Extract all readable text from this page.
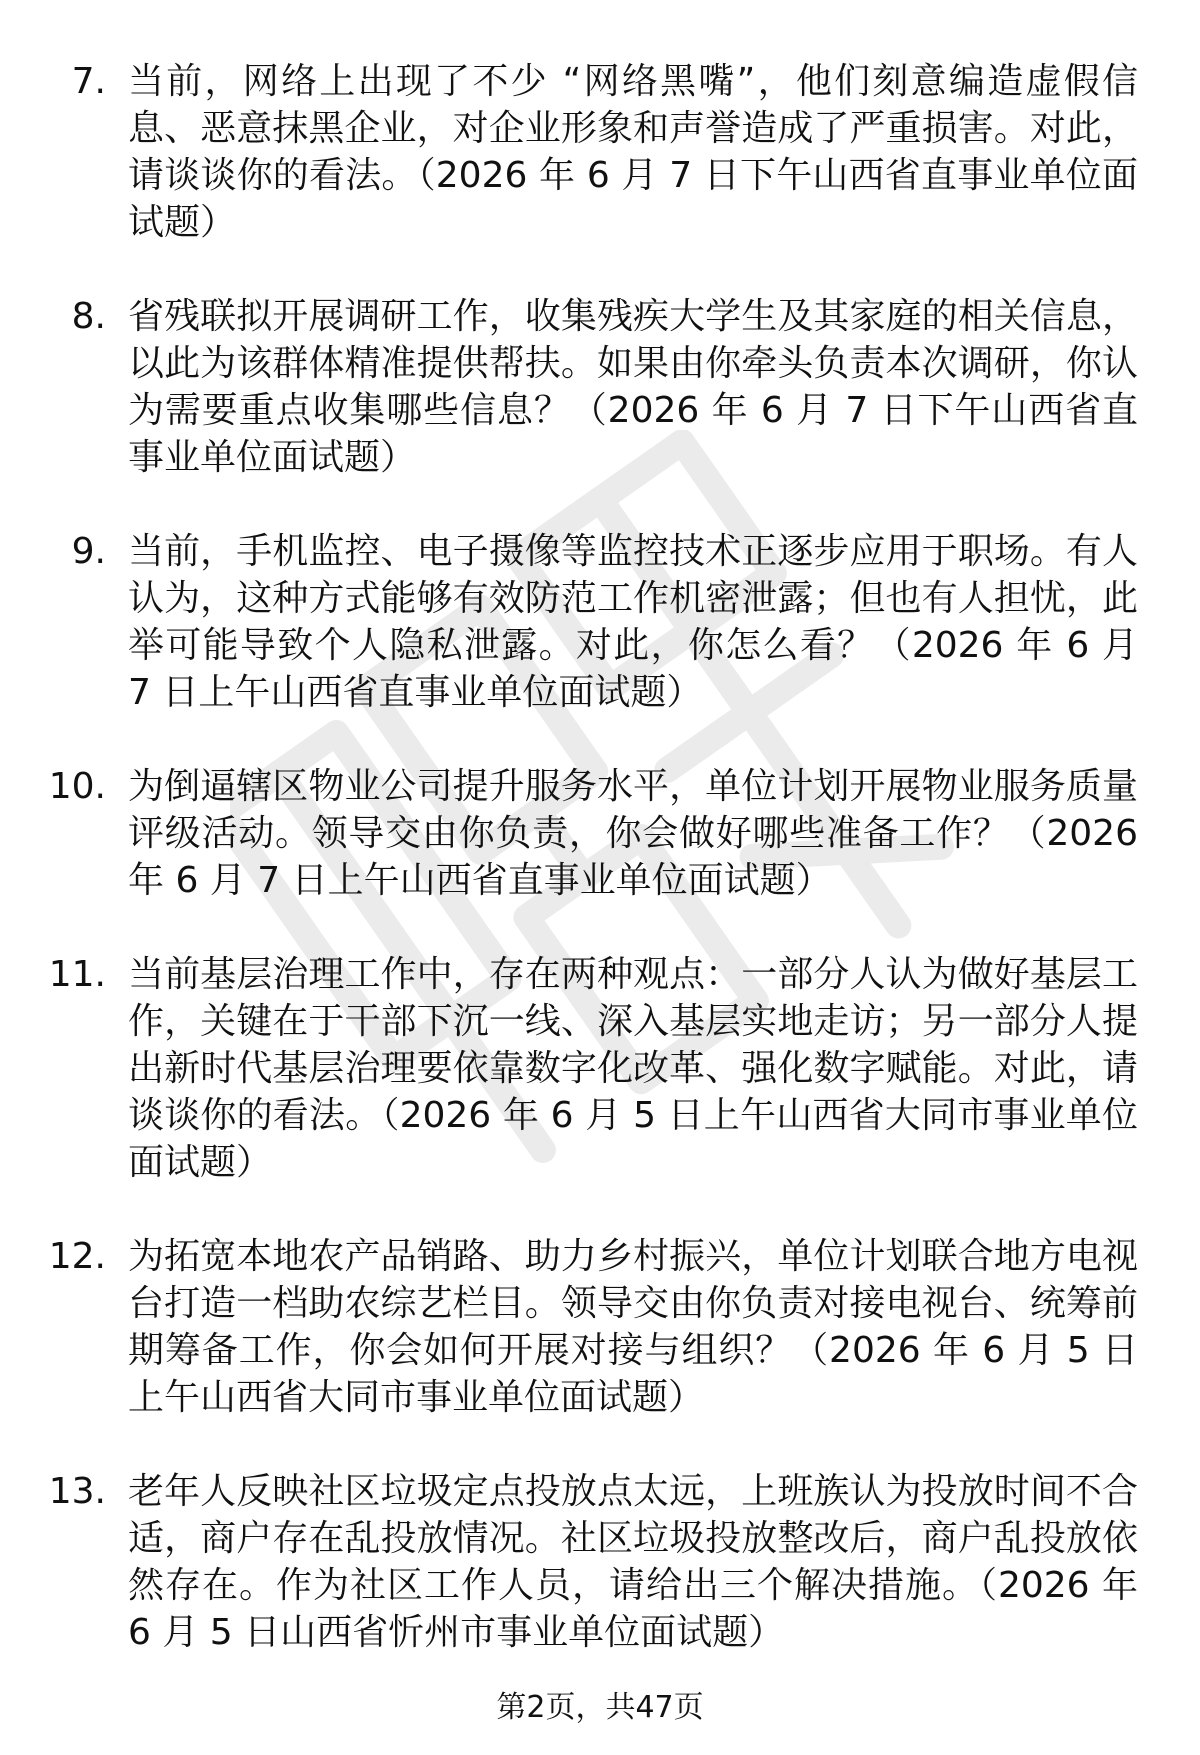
7. 当前，网络上出现了不少 “网络黑嘴”，他们刻意编造虚假信息、恶意抹黑企业，对企业形象和声誉造成了严重损害。对此，请谈谈你的看法。（2026 年 6 月 7 日下午山西省直事业单位面试题）
8. 省残联拟开展调研工作，收集残疾大学生及其家庭的相关信息，以此为该群体精准提供帮扶。如果由你牵头负责本次调研，你认为需要重点收集哪些信息？（2026 年 6 月 7 日下午山西省直事业单位面试题）
9. 当前，手机监控、电子摄像等监控技术正逐步应用于职场。有人认为，这种方式能够有效防范工作机密泄露；但也有人担忧，此举可能导致个人隐私泄露。对此，你怎么看？（2026 年 6 月 7 日上午山西省直事业单位面试题）
10. 为倒逼辖区物业公司提升服务水平，单位计划开展物业服务质量评级活动。领导交由你负责，你会做好哪些准备工作？（2026 年 6 月 7 日上午山西省直事业单位面试题）
11. 当前基层治理工作中，存在两种观点：一部分人认为做好基层工作，关键在于干部下沉一线、深入基层实地走访；另一部分人提出新时代基层治理要依靠数字化改革、强化数字赋能。对此，请谈谈你的看法。（2026 年 6 月 5 日上午山西省大同市事业单位面试题）
12. 为拓宽本地农产品销路、助力乡村振兴，单位计划联合地方电视台打造一档助农综艺栏目。领导交由你负责对接电视台、统筹前期筹备工作，你会如何开展对接与组织？（2026 年 6 月 5 日上午山西省大同市事业单位面试题）
13. 老年人反映社区垃圾定点投放点太远，上班族认为投放时间不合适，商户存在乱投放情况。社区垃圾投放整改后，商户乱投放依然存在。作为社区工作人员，请给出三个解决措施。（2026 年 6 月 5 日山西省忻州市事业单位面试题）
第2页，共47页
